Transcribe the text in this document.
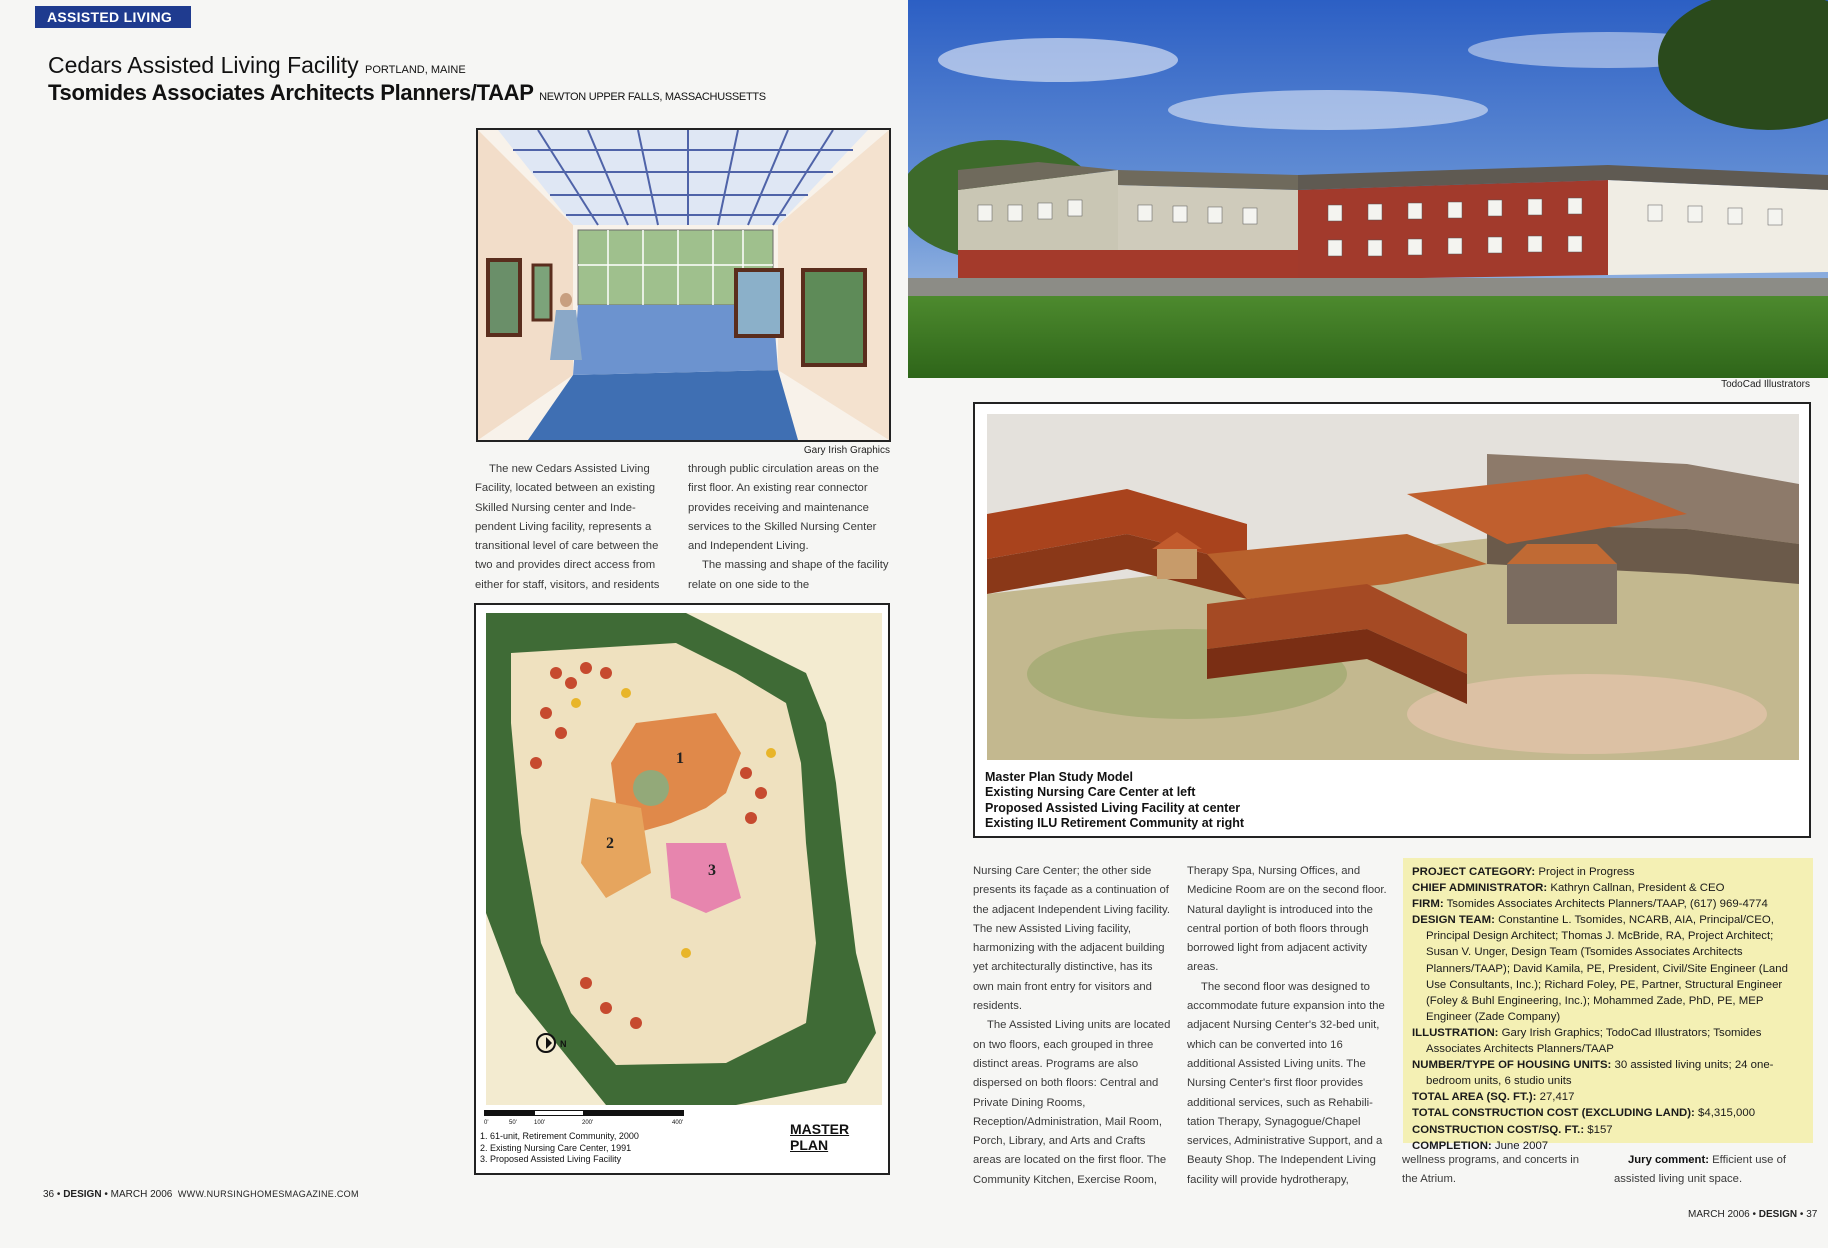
ASSISTED LIVING
Cedars Assisted Living Facility PORTLAND, MAINE
Tsomides Associates Architects Planners/TAAP NEWTON UPPER FALLS, MASSACHUSSETTS
Gary Irish Graphics
TodoCad Illustrators
Master Plan Study Model
Existing Nursing Care Center at left
Proposed Assisted Living Facility at center
Existing ILU Retirement Community at right
1
2
3
N
0'	50'	100'	200'	400'
1. 61-unit, Retirement Community, 2000
2. Existing Nursing Care Center, 1991
3. Proposed Assisted Living Facility
MASTER PLAN

The new Cedars Assisted Living Facility, located between an existing Skilled Nursing center and Inde-pendent Living facility, represents a transitional level of care between the two and provides direct access from either for staff, visitors, and residents

through public circulation areas on the first floor. An existing rear connector provides receiving and maintenance services to the Skilled Nursing Center and Independent Living.

The massing and shape of the facility relate on one side to the

Nursing Care Center; the other side presents its façade as a continuation of the adjacent Independent Living facility. The new Assisted Living facility, harmonizing with the adjacent building yet architecturally distinctive, has its own main front entry for visitors and residents.

The Assisted Living units are located on two floors, each grouped in three distinct areas. Programs are also dispersed on both floors: Central and Private Dining Rooms, Reception/Administration, Mail Room, Porch, Library, and Arts and Crafts areas are located on the first floor. The Community Kitchen, Exercise Room,

Therapy Spa, Nursing Offices, and Medicine Room are on the second floor. Natural daylight is introduced into the central portion of both floors through borrowed light from adjacent activity areas.

The second floor was designed to accommodate future expansion into the adjacent Nursing Center's 32-bed unit, which can be converted into 16 additional Assisted Living units. The Nursing Center's first floor provides additional services, such as Rehabili-tation Therapy, Synagogue/Chapel services, Administrative Support, and a Beauty Shop. The Independent Living facility will provide hydrotherapy,

wellness programs, and concerts in the Atrium.

Jury comment: Efficient use of assisted living unit space.

PROJECT CATEGORY: Project in Progress
CHIEF ADMINISTRATOR: Kathryn Callnan, President & CEO
FIRM: Tsomides Associates Architects Planners/TAAP, (617) 969-4774
DESIGN TEAM: Constantine L. Tsomides, NCARB, AIA, Principal/CEO, Principal Design Architect; Thomas J. McBride, RA, Project Architect; Susan V. Unger, Design Team (Tsomides Associates Architects Planners/TAAP); David Kamila, PE, President, Civil/Site Engineer (Land Use Consultants, Inc.); Richard Foley, PE, Partner, Structural Engineer (Foley & Buhl Engineering, Inc.); Mohammed Zade, PhD, PE, MEP Engineer (Zade Company)
ILLUSTRATION: Gary Irish Graphics; TodoCad Illustrators; Tsomides Associates Architects Planners/TAAP
NUMBER/TYPE OF HOUSING UNITS: 30 assisted living units; 24 one-bedroom units, 6 studio units
TOTAL AREA (SQ. FT.): 27,417
TOTAL CONSTRUCTION COST (EXCLUDING LAND): $4,315,000
CONSTRUCTION COST/SQ. FT.: $157
COMPLETION: June 2007
36 • DESIGN • MARCH 2006 WWW.NURSINGHOMESMAGAZINE.COM
MARCH 2006 • DESIGN • 37
